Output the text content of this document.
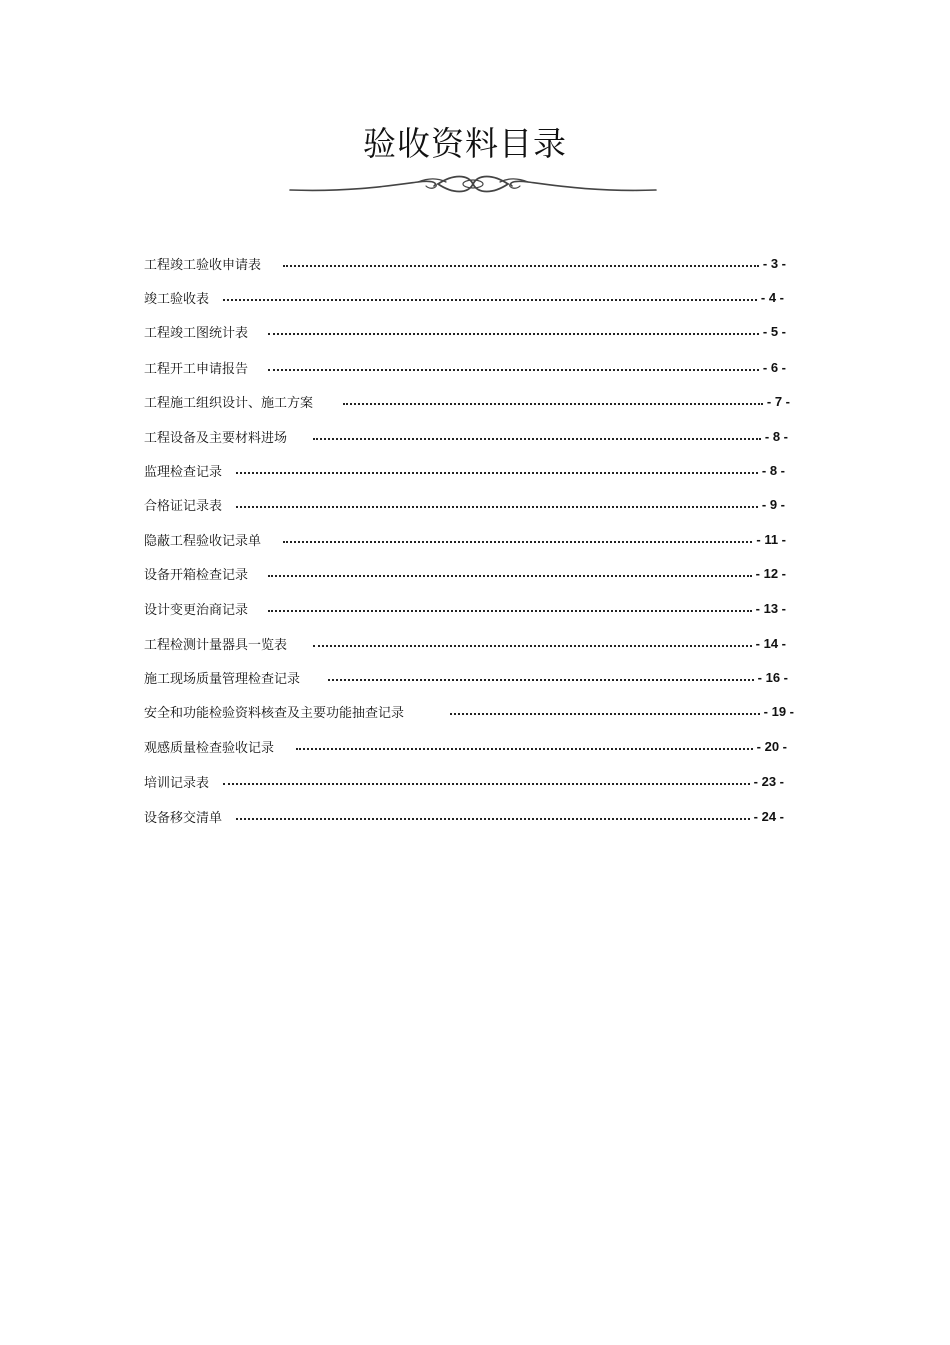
验收资料目录
工程竣工验收申请表	- 3 -
竣工验收表	- 4 -
工程竣工图统计表	- 5 -
工程开工申请报告	- 6 -
工程施工组织设计、施工方案	- 7 -
工程设备及主要材料进场	- 8 -
监理检查记录	- 8 -
合格证记录表	- 9 -
隐蔽工程验收记录单	- 11 -
设备开箱检查记录	- 12 -
设计变更治商记录	- 13 -
工程检测计量器具一览表	- 14 -
施工现场质量管理检查记录	- 16 -
安全和功能检验资料核查及主要功能抽查记录	- 19 -
观感质量检查验收记录	- 20 -
培训记录表	- 23 -
设备移交清单	- 24 -
